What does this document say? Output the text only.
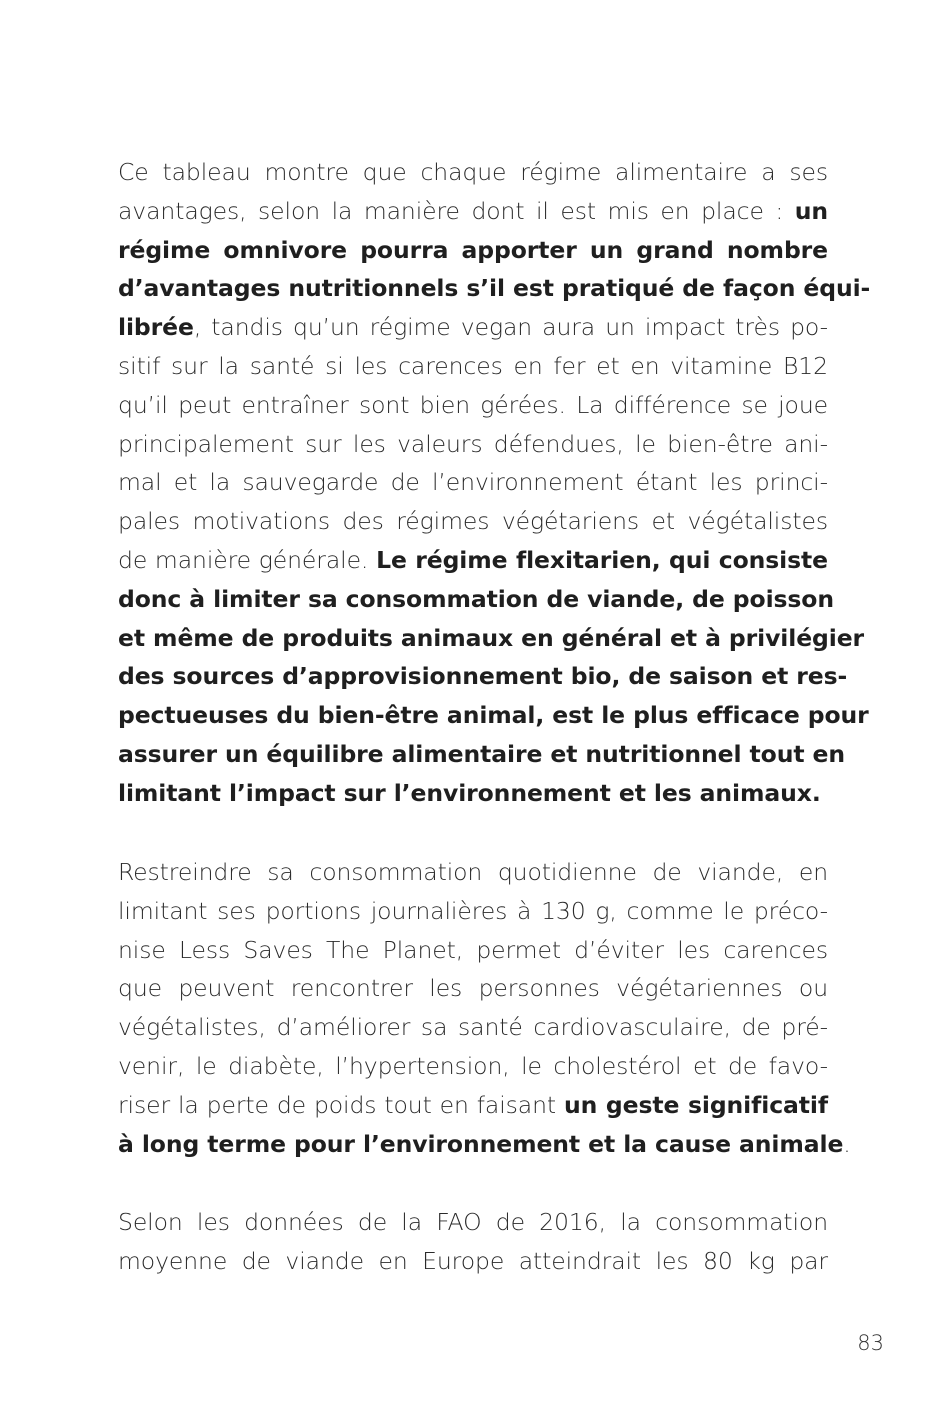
Ce tableau montre que chaque régime alimentaire a ses
avantages, selon la manière dont il est mis en place : un
régime omnivore pourra apporter un grand nombre
d’avantages nutritionnels s’il est pratiqué de façon équi-
librée, tandis qu’un régime vegan aura un impact très po-
sitif sur la santé si les carences en fer et en vitamine B12
qu’il peut entraîner sont bien gérées. La différence se joue
principalement sur les valeurs défendues, le bien-être ani-
mal et la sauvegarde de l’environnement étant les princi-
pales motivations des régimes végétariens et végétalistes
de manière générale. Le régime flexitarien, qui consiste
donc à limiter sa consommation de viande, de poisson
et même de produits animaux en général et à privilégier
des sources d’approvisionnement bio, de saison et res-
pectueuses du bien-être animal, est le plus efficace pour
assurer un équilibre alimentaire et nutritionnel tout en
limitant l’impact sur l’environnement et les animaux.
Restreindre sa consommation quotidienne de viande, en
limitant ses portions journalières à 130 g, comme le préco-
nise Less Saves The Planet, permet d’éviter les carences
que peuvent rencontrer les personnes végétariennes ou
végétalistes, d’améliorer sa santé cardiovasculaire, de pré-
venir, le diabète, l’hypertension, le cholestérol et de favo-
riser la perte de poids tout en faisant un geste significatif
à long terme pour l’environnement et la cause animale.
Selon les données de la FAO de 2016, la consommation
moyenne de viande en Europe atteindrait les 80 kg par
83
